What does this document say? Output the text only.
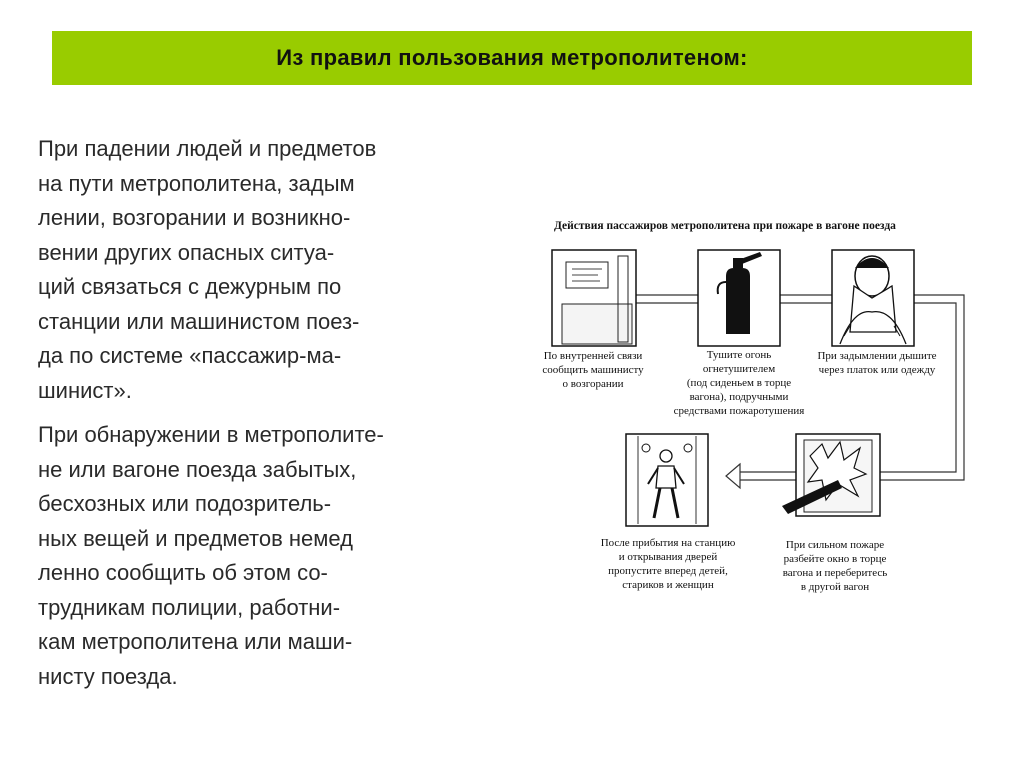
Из правил пользования метрополитеном:
При падении людей и предметов
на пути метрополитена, задым
лении, возгорании и возникно-
вении других опасных ситуа-
ций связаться с дежурным по
станции или машинистом поез-
да по системе «пассажир-ма-
шинист».
При обнаружении в метрополите-
не или вагоне поезда забытых,
бесхозных или подозритель-
ных вещей и предметов немед
ленно сообщить об этом со-
трудникам полиции, работни-
кам метрополитена или маши-
нисту поезда.
Действия пассажиров метрополитена при пожаре в вагоне поезда
По внутренней связи
сообщить машинисту
о возгорании
Тушите огонь
огнетушителем
(под сиденьем в торце
вагона), подручными
средствами пожаротушения
При задымлении дышите
через платок или одежду
При сильном пожаре
разбейте окно в торце
вагона и переберитесь
в другой вагон
После прибытия на станцию
и открывания дверей
пропустите вперед детей,
стариков и женщин
